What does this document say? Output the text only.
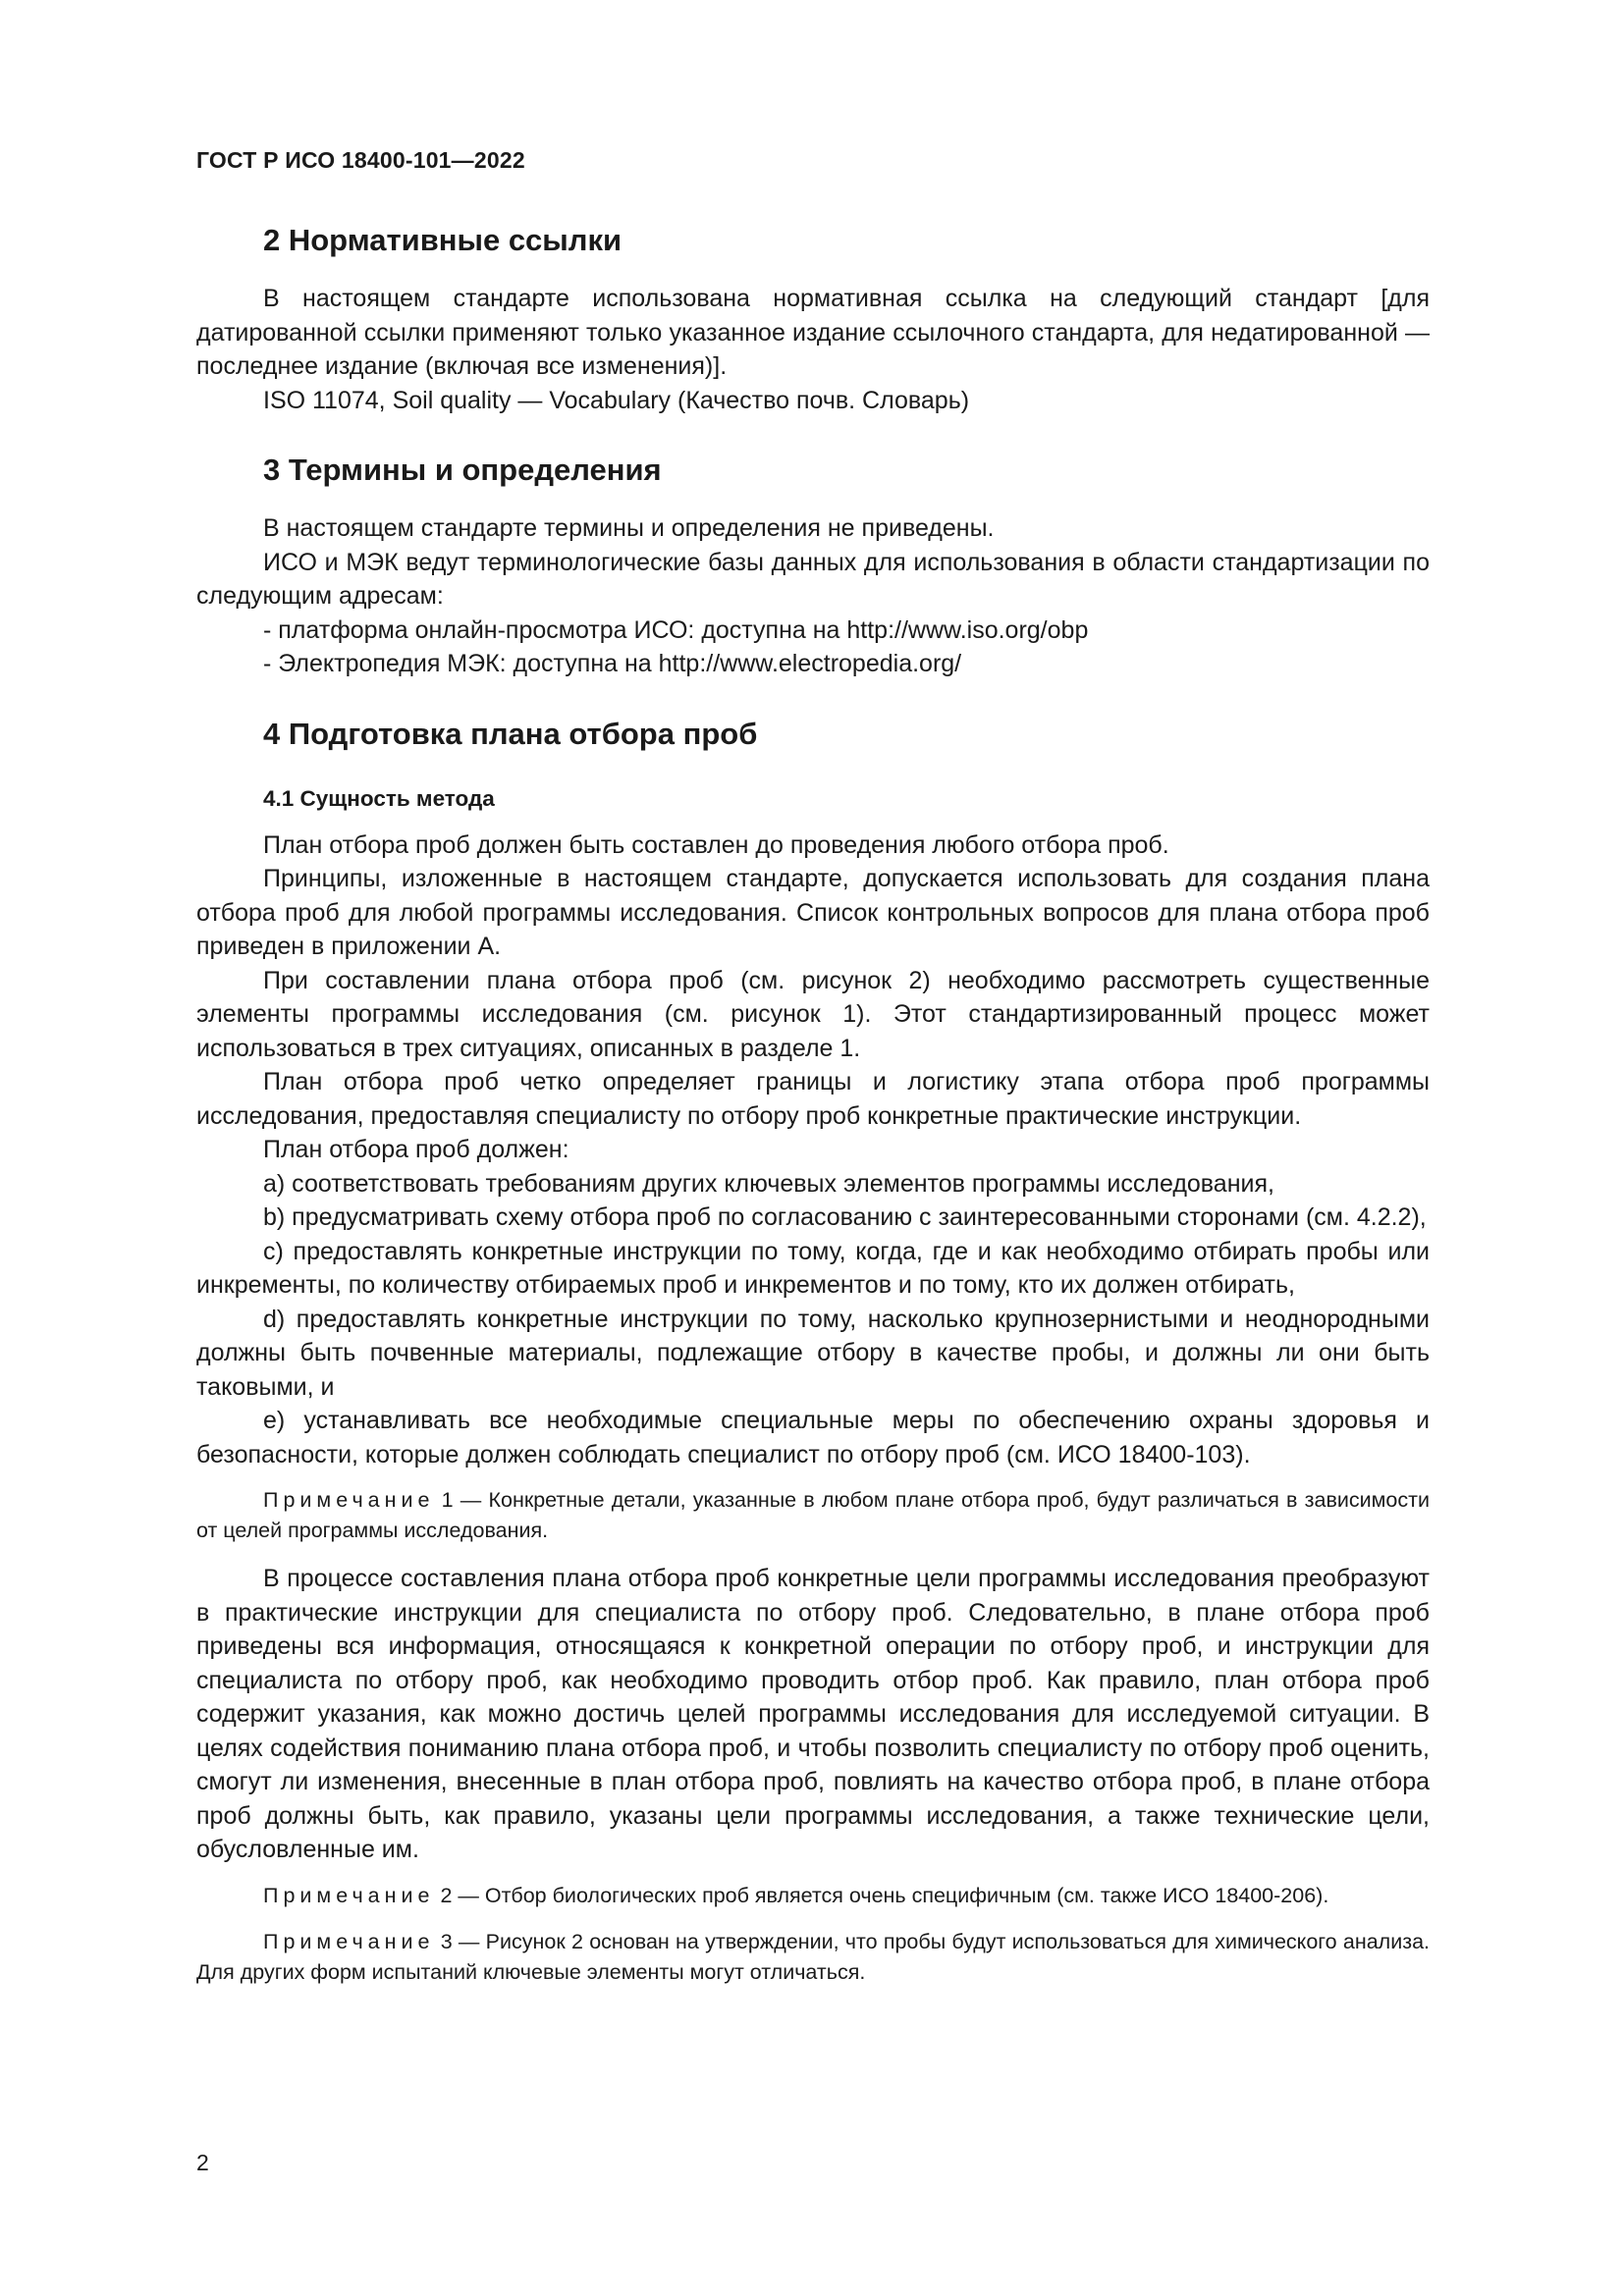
ГОСТ Р ИСО 18400-101—2022
2 Нормативные ссылки

В настоящем стандарте использована нормативная ссылка на следующий стандарт [для датированной ссылки применяют только указанное издание ссылочного стандарта, для недатированной — последнее издание (включая все изменения)].

ISO 11074, Soil quality — Vocabulary (Качество почв. Словарь)

3 Термины и определения

В настоящем стандарте термины и определения не приведены.

ИСО и МЭК ведут терминологические базы данных для использования в области стандартизации по следующим адресам:

- платформа онлайн-просмотра ИСО: доступна на http://www.iso.org/obp

- Электропедия МЭК: доступна на http://www.electropedia.org/

4 Подготовка плана отбора проб
4.1 Сущность метода

План отбора проб должен быть составлен до проведения любого отбора проб.

Принципы, изложенные в настоящем стандарте, допускается использовать для создания плана отбора проб для любой программы исследования. Список контрольных вопросов для плана отбора проб приведен в приложении А.

При составлении плана отбора проб (см. рисунок 2) необходимо рассмотреть существенные элементы программы исследования (см. рисунок 1). Этот стандартизированный процесс может использоваться в трех ситуациях, описанных в разделе 1.

План отбора проб четко определяет границы и логистику этапа отбора проб программы исследования, предоставляя специалисту по отбору проб конкретные практические инструкции.

План отбора проб должен:

a) соответствовать требованиям других ключевых элементов программы исследования,

b) предусматривать схему отбора проб по согласованию с заинтересованными сторонами (см. 4.2.2),

c) предоставлять конкретные инструкции по тому, когда, где и как необходимо отбирать пробы или инкременты, по количеству отбираемых проб и инкрементов и по тому, кто их должен отбирать,

d) предоставлять конкретные инструкции по тому, насколько крупнозернистыми и неоднородными должны быть почвенные материалы, подлежащие отбору в качестве пробы, и должны ли они быть таковыми, и

e) устанавливать все необходимые специальные меры по обеспечению охраны здоровья и безопасности, которые должен соблюдать специалист по отбору проб (см. ИСО 18400-103).

Примечание 1 — Конкретные детали, указанные в любом плане отбора проб, будут различаться в зависимости от целей программы исследования.

В процессе составления плана отбора проб конкретные цели программы исследования преобразуют в практические инструкции для специалиста по отбору проб. Следовательно, в плане отбора проб приведены вся информация, относящаяся к конкретной операции по отбору проб, и инструкции для специалиста по отбору проб, как необходимо проводить отбор проб. Как правило, план отбора проб содержит указания, как можно достичь целей программы исследования для исследуемой ситуации. В целях содействия пониманию плана отбора проб, и чтобы позволить специалисту по отбору проб оценить, смогут ли изменения, внесенные в план отбора проб, повлиять на качество отбора проб, в плане отбора проб должны быть, как правило, указаны цели программы исследования, а также технические цели, обусловленные им.

Примечание 2 — Отбор биологических проб является очень специфичным (см. также ИСО 18400-206).
Примечание 3 — Рисунок 2 основан на утверждении, что пробы будут использоваться для химического анализа. Для других форм испытаний ключевые элементы могут отличаться.
2
